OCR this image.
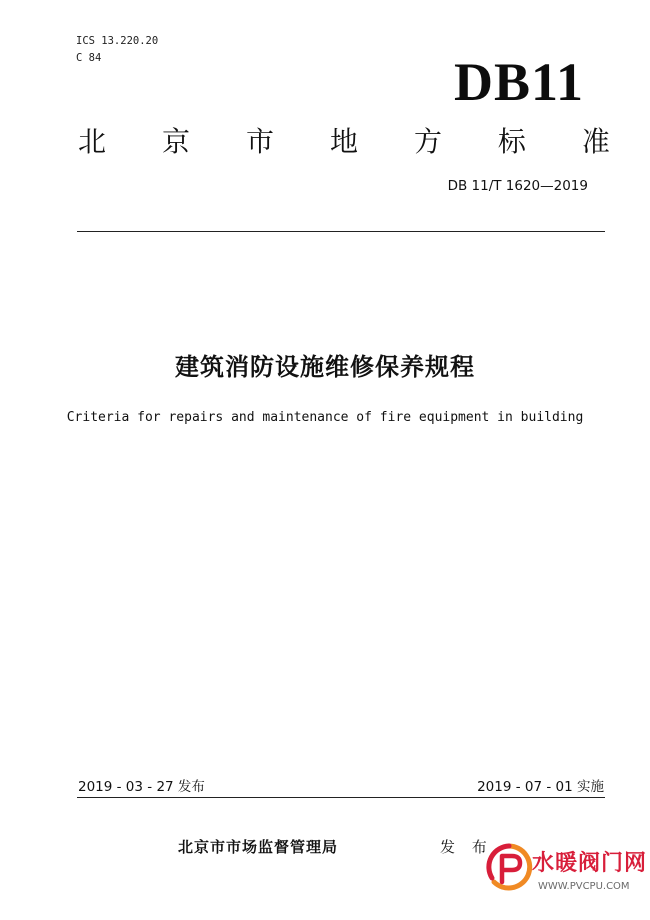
ICS 13.220.20
C 84	DB11
北 京 市 地 方 标 准
DB 11/T 1620—2019
建筑消防设施维修保养规程
Criteria for repairs and maintenance of fire equipment in building
2019 - 03 - 27 发布	2019 - 07 - 01 实施
北京市市场监督管理局	发 布
水暖阀门网
WWW.PVCPU.COM
